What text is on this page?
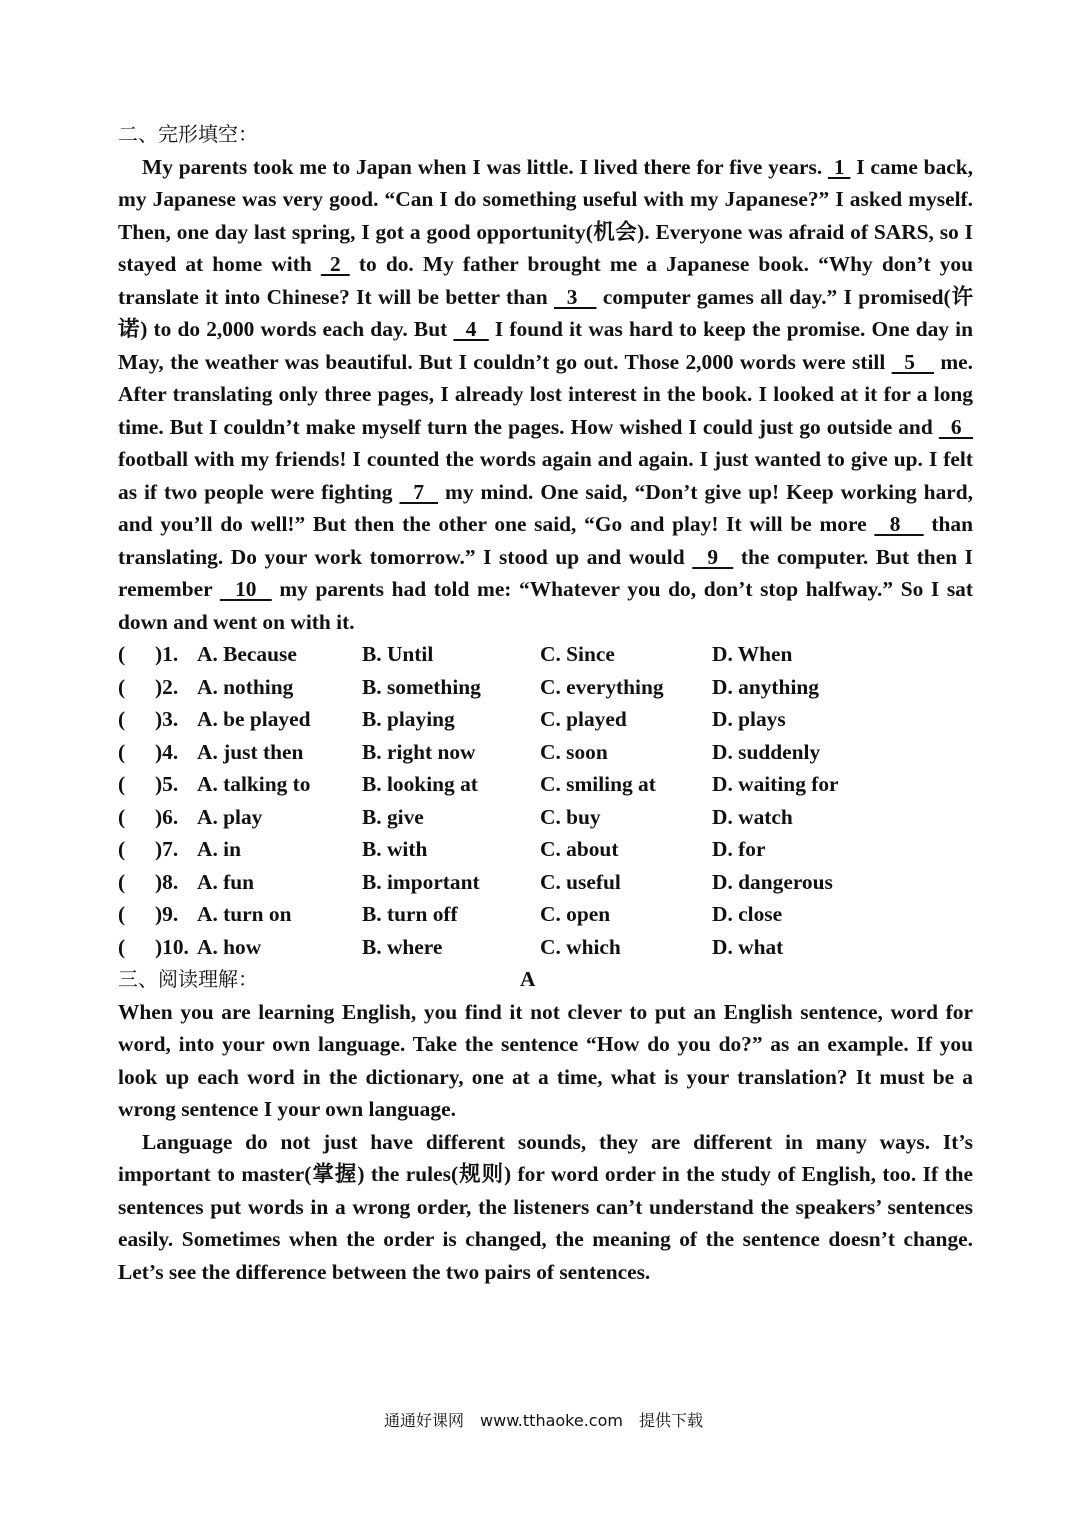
二、完形填空：

My parents took me to Japan when I was little. I lived there for five years.  1  I came back, my Japanese was very good. “Can I do something useful with my Japanese?” I asked myself. Then, one day last spring, I got a good opportunity(机会). Everyone was afraid of SARS, so I stayed at home with  2  to do. My father brought me a Japanese book. “Why don’t you translate it into Chinese? It will be better than   3    computer games all day.” I promised(许诺) to do 2,000 words each day. But   4   I found it was hard to keep the promise. One day in May, the weather was beautiful. But I couldn’t go out. Those 2,000 words were still   5    me. After translating only three pages, I already lost interest in the book. I looked at it for a long time. But I couldn’t make myself turn the pages. How wished I could just go outside and   6   football with my friends! I counted the words again and again. I just wanted to give up. I felt as if two people were fighting   7   my mind. One said, “Don’t give up! Keep working hard, and you’ll do well!” But then the other one said, “Go and play! It will be more   8    than translating. Do your work tomorrow.” I stood up and would   9   the computer. But then I remember   10   my parents had told me: “Whatever you do, don’t stop halfway.” So I sat down and went on with it.

(	)1. A. Because	B. Until	C. Since	D. When
(	)2. A. nothing	B. something	C. everything	D. anything
(	)3. A. be played	B. playing	C. played	D. plays
(	)4. A. just then	B. right now	C. soon	D. suddenly
(	)5. A. talking to	B. looking at	C. smiling at	D. waiting for
(	)6. A. play	B. give	C. buy	D. watch
(	)7. A. in	B. with	C. about	D. for
(	)8. A. fun	B. important	C. useful	D. dangerous
(	)9. A. turn on	B. turn off	C. open	D. close
(	)10. A. how	B. where	C. which	D. what
三、阅读理解：	A

When you are learning English, you find it not clever to put an English sentence, word for word, into your own language. Take the sentence “How do you do?” as an example. If you look up each word in the dictionary, one at a time, what is your translation? It must be a wrong sentence I your own language.

Language do not just have different sounds, they are different in many ways. It’s important to master(掌握) the rules(规则) for word order in the study of English, too. If the sentences put words in a wrong order, the listeners can’t understand the speakers’ sentences easily. Sometimes when the order is changed, the meaning of the sentence doesn’t change. Let’s see the difference between the two pairs of sentences.

通通好课网　www.tthaoke.com　提供下载
